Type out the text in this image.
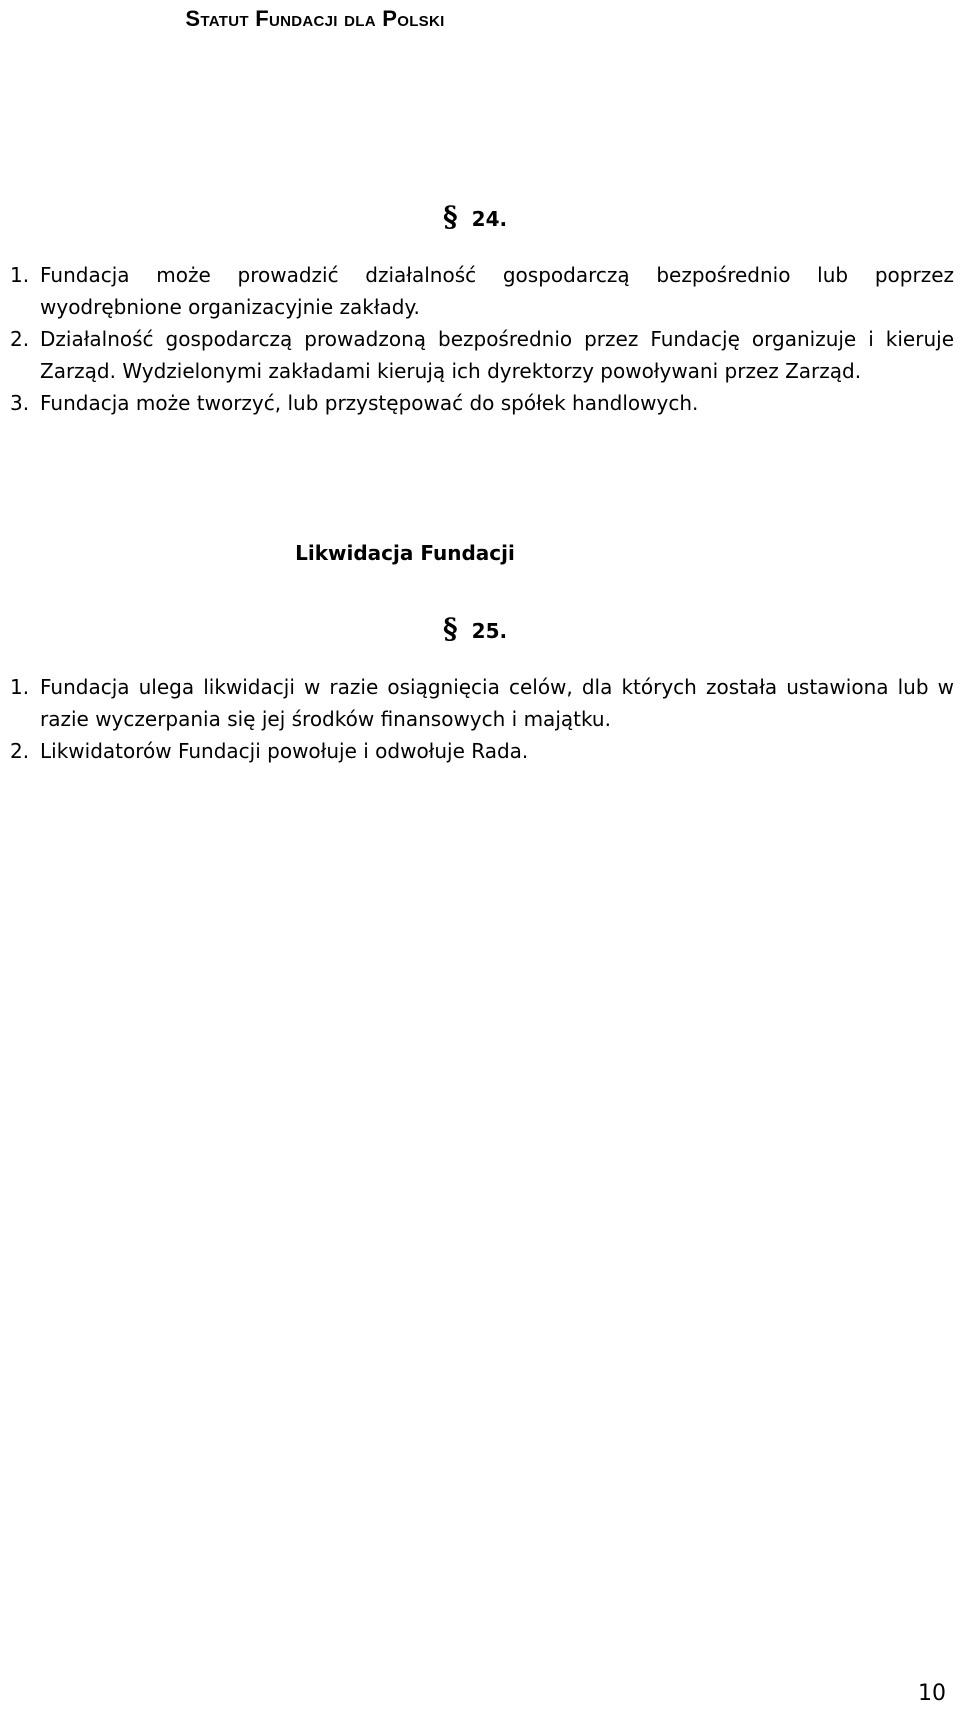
Statut Fundacji dla Polski
§ 24.
1. Fundacja może prowadzić działalność gospodarczą bezpośrednio lub poprzez wyodrębnione organizacyjnie zakłady.
2. Działalność gospodarczą prowadzoną bezpośrednio przez Fundację organizuje i kieruje Zarząd. Wydzielonymi zakładami kierują ich dyrektorzy powoływani przez Zarząd.
3. Fundacja może tworzyć, lub przystępować do spółek handlowych.
Likwidacja Fundacji
§ 25.
1. Fundacja ulega likwidacji w razie osiągnięcia celów, dla których została ustawiona lub w razie wyczerpania się jej środków finansowych i majątku.
2. Likwidatorów Fundacji powołuje i odwołuje Rada.
10
